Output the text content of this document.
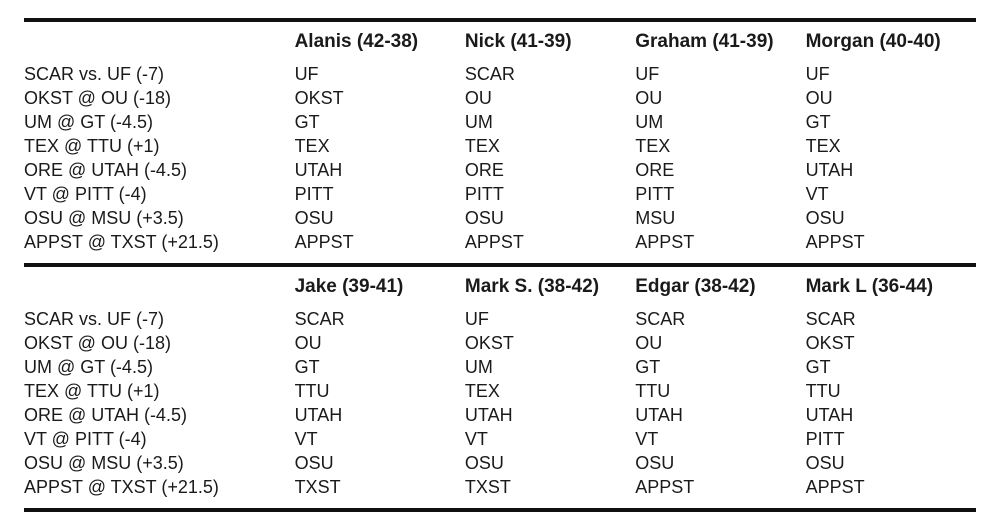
	Alanis (42-38)	Nick (41-39)	Graham (41-39)	Morgan (40-40)
SCAR vs. UF (-7)	UF	SCAR	UF	UF
OKST @ OU (-18)	OKST	OU	OU	OU
UM @ GT (-4.5)	GT	UM	UM	GT
TEX @ TTU (+1)	TEX	TEX	TEX	TEX
ORE @ UTAH (-4.5)	UTAH	ORE	ORE	UTAH
VT @ PITT (-4)	PITT	PITT	PITT	VT
OSU @ MSU (+3.5)	OSU	OSU	MSU	OSU
APPST @ TXST (+21.5)	APPST	APPST	APPST	APPST
	Jake (39-41)	Mark S. (38-42)	Edgar (38-42)	Mark L (36-44)
SCAR vs. UF (-7)	SCAR	UF	SCAR	SCAR
OKST @ OU (-18)	OU	OKST	OU	OKST
UM @ GT (-4.5)	GT	UM	GT	GT
TEX @ TTU (+1)	TTU	TEX	TTU	TTU
ORE @ UTAH (-4.5)	UTAH	UTAH	UTAH	UTAH
VT @ PITT (-4)	VT	VT	VT	PITT
OSU @ MSU (+3.5)	OSU	OSU	OSU	OSU
APPST @ TXST (+21.5)	TXST	TXST	APPST	APPST
